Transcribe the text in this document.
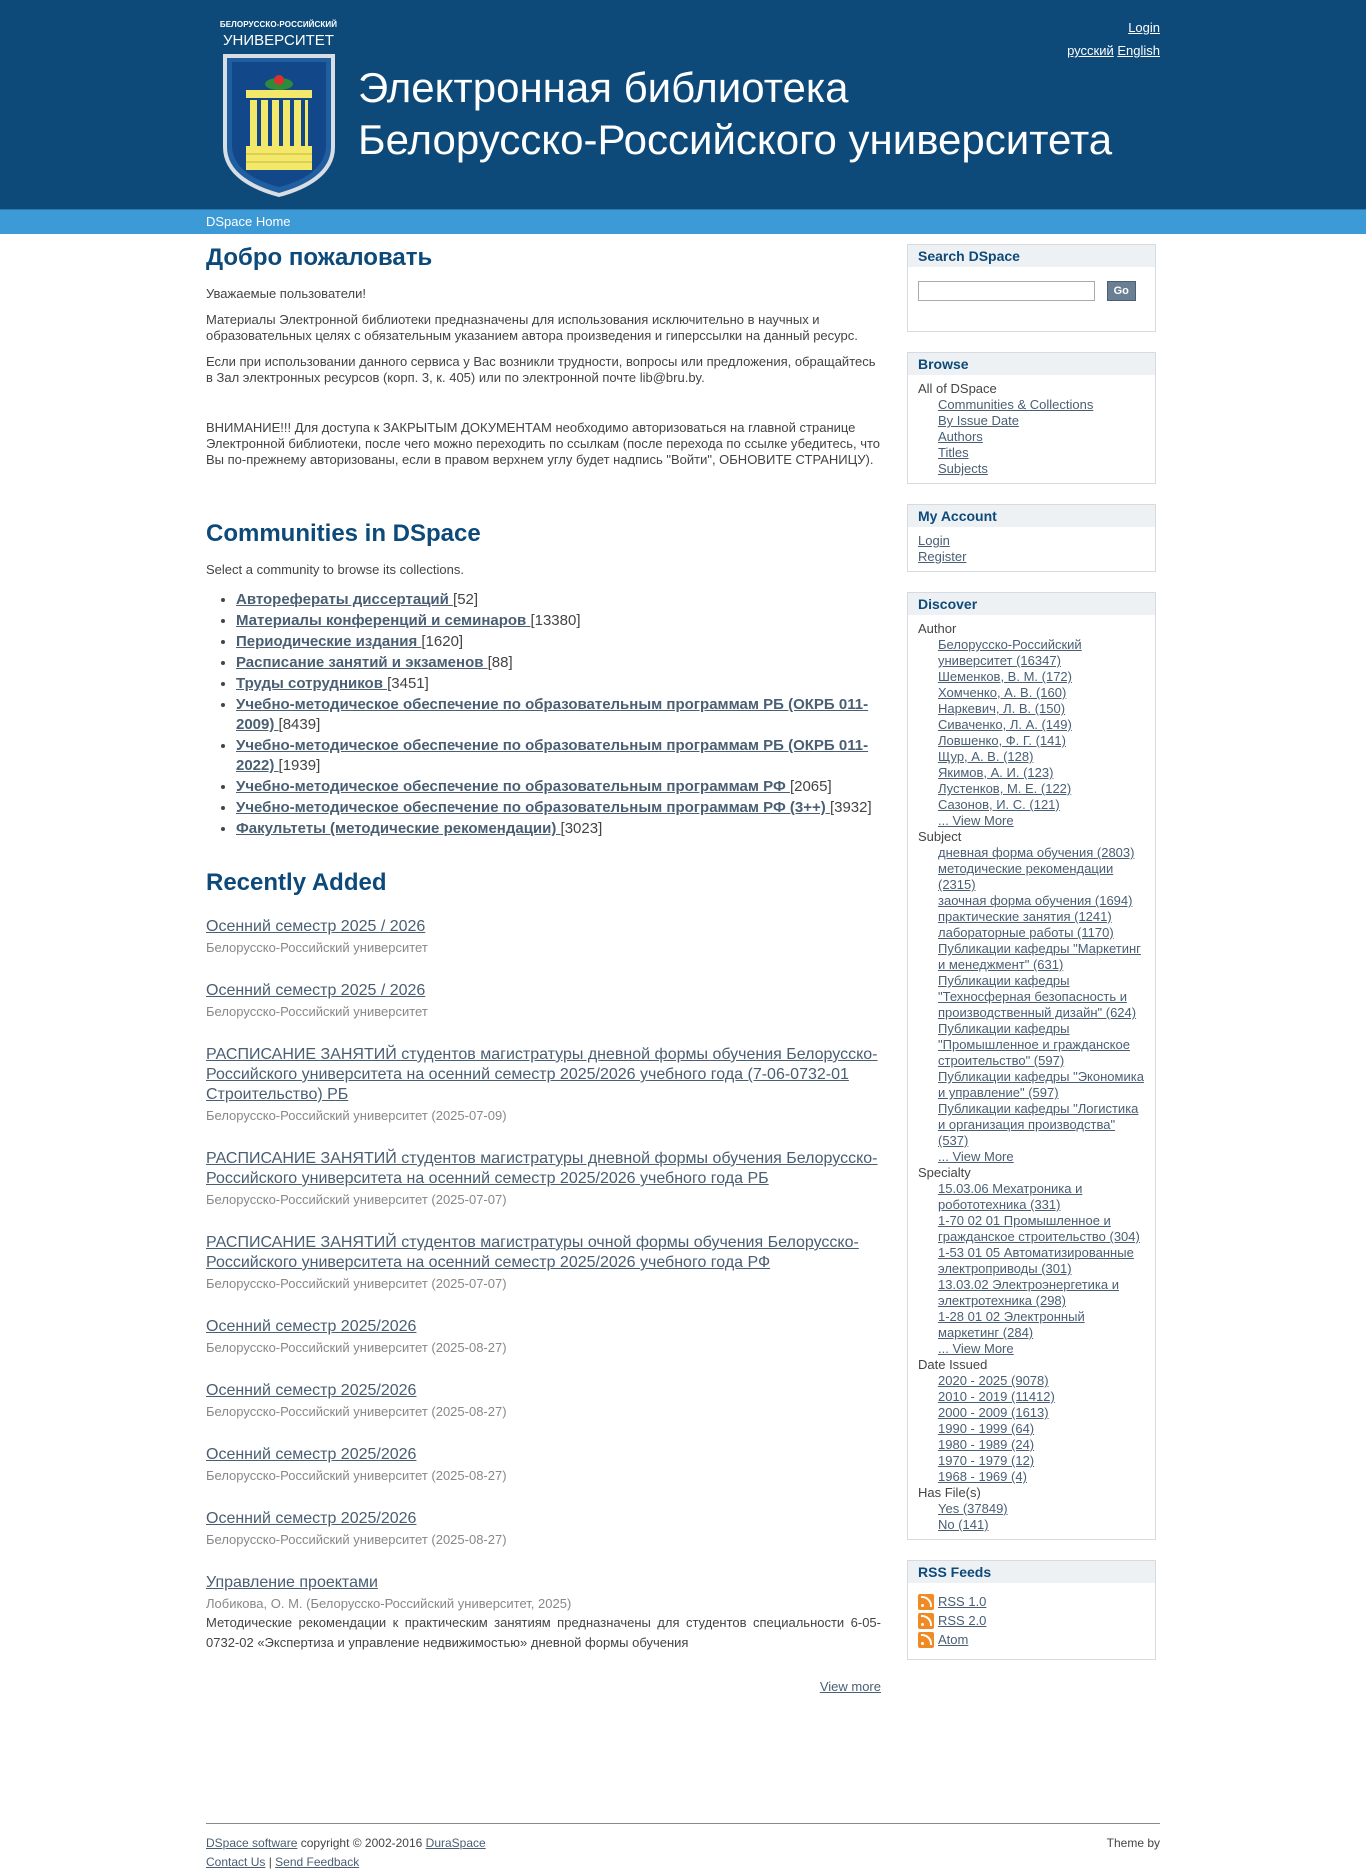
БЕЛОРУССКО-РОССИЙСКИЙ
УНИВЕРСИТЕТ
Электронная библиотека
Белорусско-Российского университета
Login
русский English
DSpace Home
Добро пожаловать

Уважаемые пользователи!

Материалы Электронной библиотеки предназначены для использования исключительно в научных и образовательных целях с обязательным указанием автора произведения и гиперссылки на данный ресурс.

Если при использовании данного сервиса у Вас возникли трудности, вопросы или предложения, обращайтесь в Зал электронных ресурсов (корп. 3, к. 405) или по электронной почте lib@bru.by.

ВНИМАНИЕ!!! Для доступа к ЗАКРЫТЫМ ДОКУМЕНТАМ необходимо авторизоваться на главной странице Электронной библиотеки, после чего можно переходить по ссылкам (после перехода по ссылке убедитесь, что Вы по-прежнему авторизованы, если в правом верхнем углу будет надпись "Войти", ОБНОВИТЕ СТРАНИЦУ).

Communities in DSpace

Select a community to browse its collections.

• Авторефераты диссертаций [52]
• Материалы конференций и семинаров [13380]
• Периодические издания [1620]
• Расписание занятий и экзаменов [88]
• Труды сотрудников [3451]
• Учебно-методическое обеспечение по образовательным программам РБ (ОКРБ 011-2009) [8439]
• Учебно-методическое обеспечение по образовательным программам РБ (ОКРБ 011-2022) [1939]
• Учебно-методическое обеспечение по образовательным программам РФ [2065]
• Учебно-методическое обеспечение по образовательным программам РФ (3++) [3932]
• Факультеты (методические рекомендации) [3023]
Recently Added
Осенний семестр 2025 / 2026
Белорусско-Российский университет
Осенний семестр 2025 / 2026
Белорусско-Российский университет
РАСПИСАНИЕ ЗАНЯТИЙ студентов магистратуры дневной формы обучения Белорусско-Российского университета на осенний семестр 2025/2026 учебного года (7-06-0732-01 Строительство) РБ
Белорусско-Российский университет (2025-07-09)
РАСПИСАНИЕ ЗАНЯТИЙ студентов магистратуры дневной формы обучения Белорусско-Российского университета на осенний семестр 2025/2026 учебного года РБ
Белорусско-Российский университет (2025-07-07)
РАСПИСАНИЕ ЗАНЯТИЙ студентов магистратуры очной формы обучения Белорусско-Российского университета на осенний семестр 2025/2026 учебного года РФ
Белорусско-Российский университет (2025-07-07)
Осенний семестр 2025/2026
Белорусско-Российский университет (2025-08-27)
Осенний семестр 2025/2026
Белорусско-Российский университет (2025-08-27)
Осенний семестр 2025/2026
Белорусско-Российский университет (2025-08-27)
Осенний семестр 2025/2026
Белорусско-Российский университет (2025-08-27)
Управление проектами
Лобикова, О. М. (Белорусско-Российский университет, 2025)
Методические рекомендации к практическим занятиям предназначены для студентов специальности 6-05-0732-02 «Экспертиза и управление недвижимостью» дневной формы обучения
View more
Search DSpace
Go
Browse
All of DSpace
Communities & Collections
By Issue Date
Authors
Titles
Subjects
My Account
Login
Register
Discover
Author
Белорусско-Российский университет (16347)
Шеменков, В. М. (172)
Хомченко, А. В. (160)
Наркевич, Л. В. (150)
Сиваченко, Л. А. (149)
Ловшенко, Ф. Г. (141)
Щур, А. В. (128)
Якимов, А. И. (123)
Лустенков, М. Е. (122)
Сазонов, И. С. (121)
... View More
Subject
дневная форма обучения (2803)
методические рекомендации (2315)
заочная форма обучения (1694)
практические занятия (1241)
лабораторные работы (1170)
Публикации кафедры "Маркетинг и менеджмент" (631)
Публикации кафедры "Техносферная безопасность и производственный дизайн" (624)
Публикации кафедры "Промышленное и гражданское строительство" (597)
Публикации кафедры "Экономика и управление" (597)
Публикации кафедры "Логистика и организация производства" (537)
... View More
Specialty
15.03.06 Мехатроника и робототехника (331)
1-70 02 01 Промышленное и гражданское строительство (304)
1-53 01 05 Автоматизированные электроприводы (301)
13.03.02 Электроэнергетика и электротехника (298)
1-28 01 02 Электронный маркетинг (284)
... View More
Date Issued
2020 - 2025 (9078)
2010 - 2019 (11412)
2000 - 2009 (1613)
1990 - 1999 (64)
1980 - 1989 (24)
1970 - 1979 (12)
1968 - 1969 (4)
Has File(s)
Yes (37849)
No (141)
RSS Feeds
RSS 1.0
RSS 2.0
Atom
DSpace software copyright © 2002-2016 DuraSpace
Contact Us | Send Feedback
Theme by
